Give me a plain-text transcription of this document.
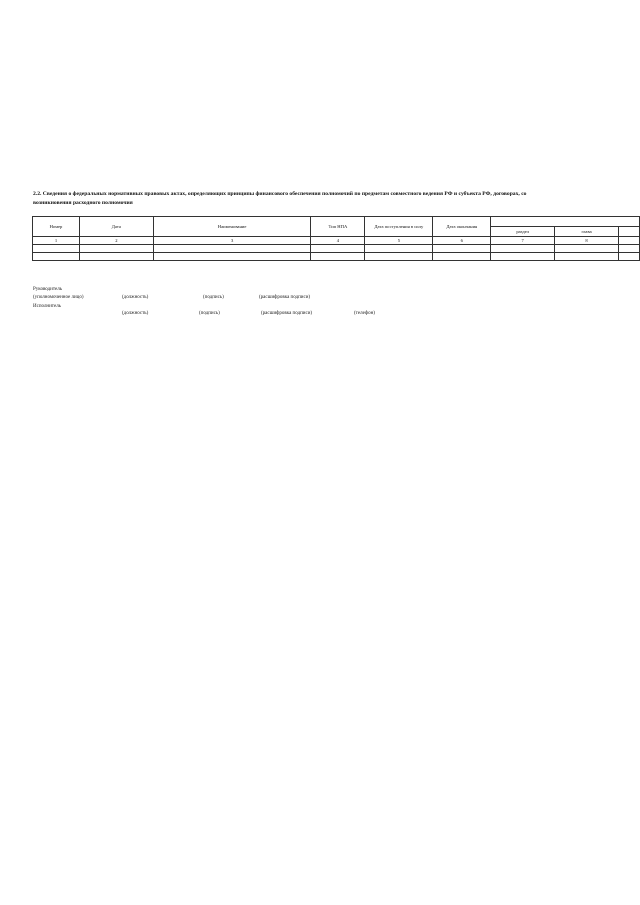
2.2. Сведения о федеральных нормативных правовых актах, определяющих принципы финансового обеспечения полномочий по предметам совместного ведения РФ и субъекта РФ, договорах, со
возникновения расходного полномочия
Номер	Дата	Наименование	Тип НПА	Дата поступления в силу	Дата окончания			
						раздел	глава	
1	2	3	4	5	6	7	8	

Руководитель
(уполномоченное лицо)	(должность)	(подпись)	(расшифровка подписи)
Исполнитель
(должность)	(подпись)	(расшифровка подписи)	(телефон)
